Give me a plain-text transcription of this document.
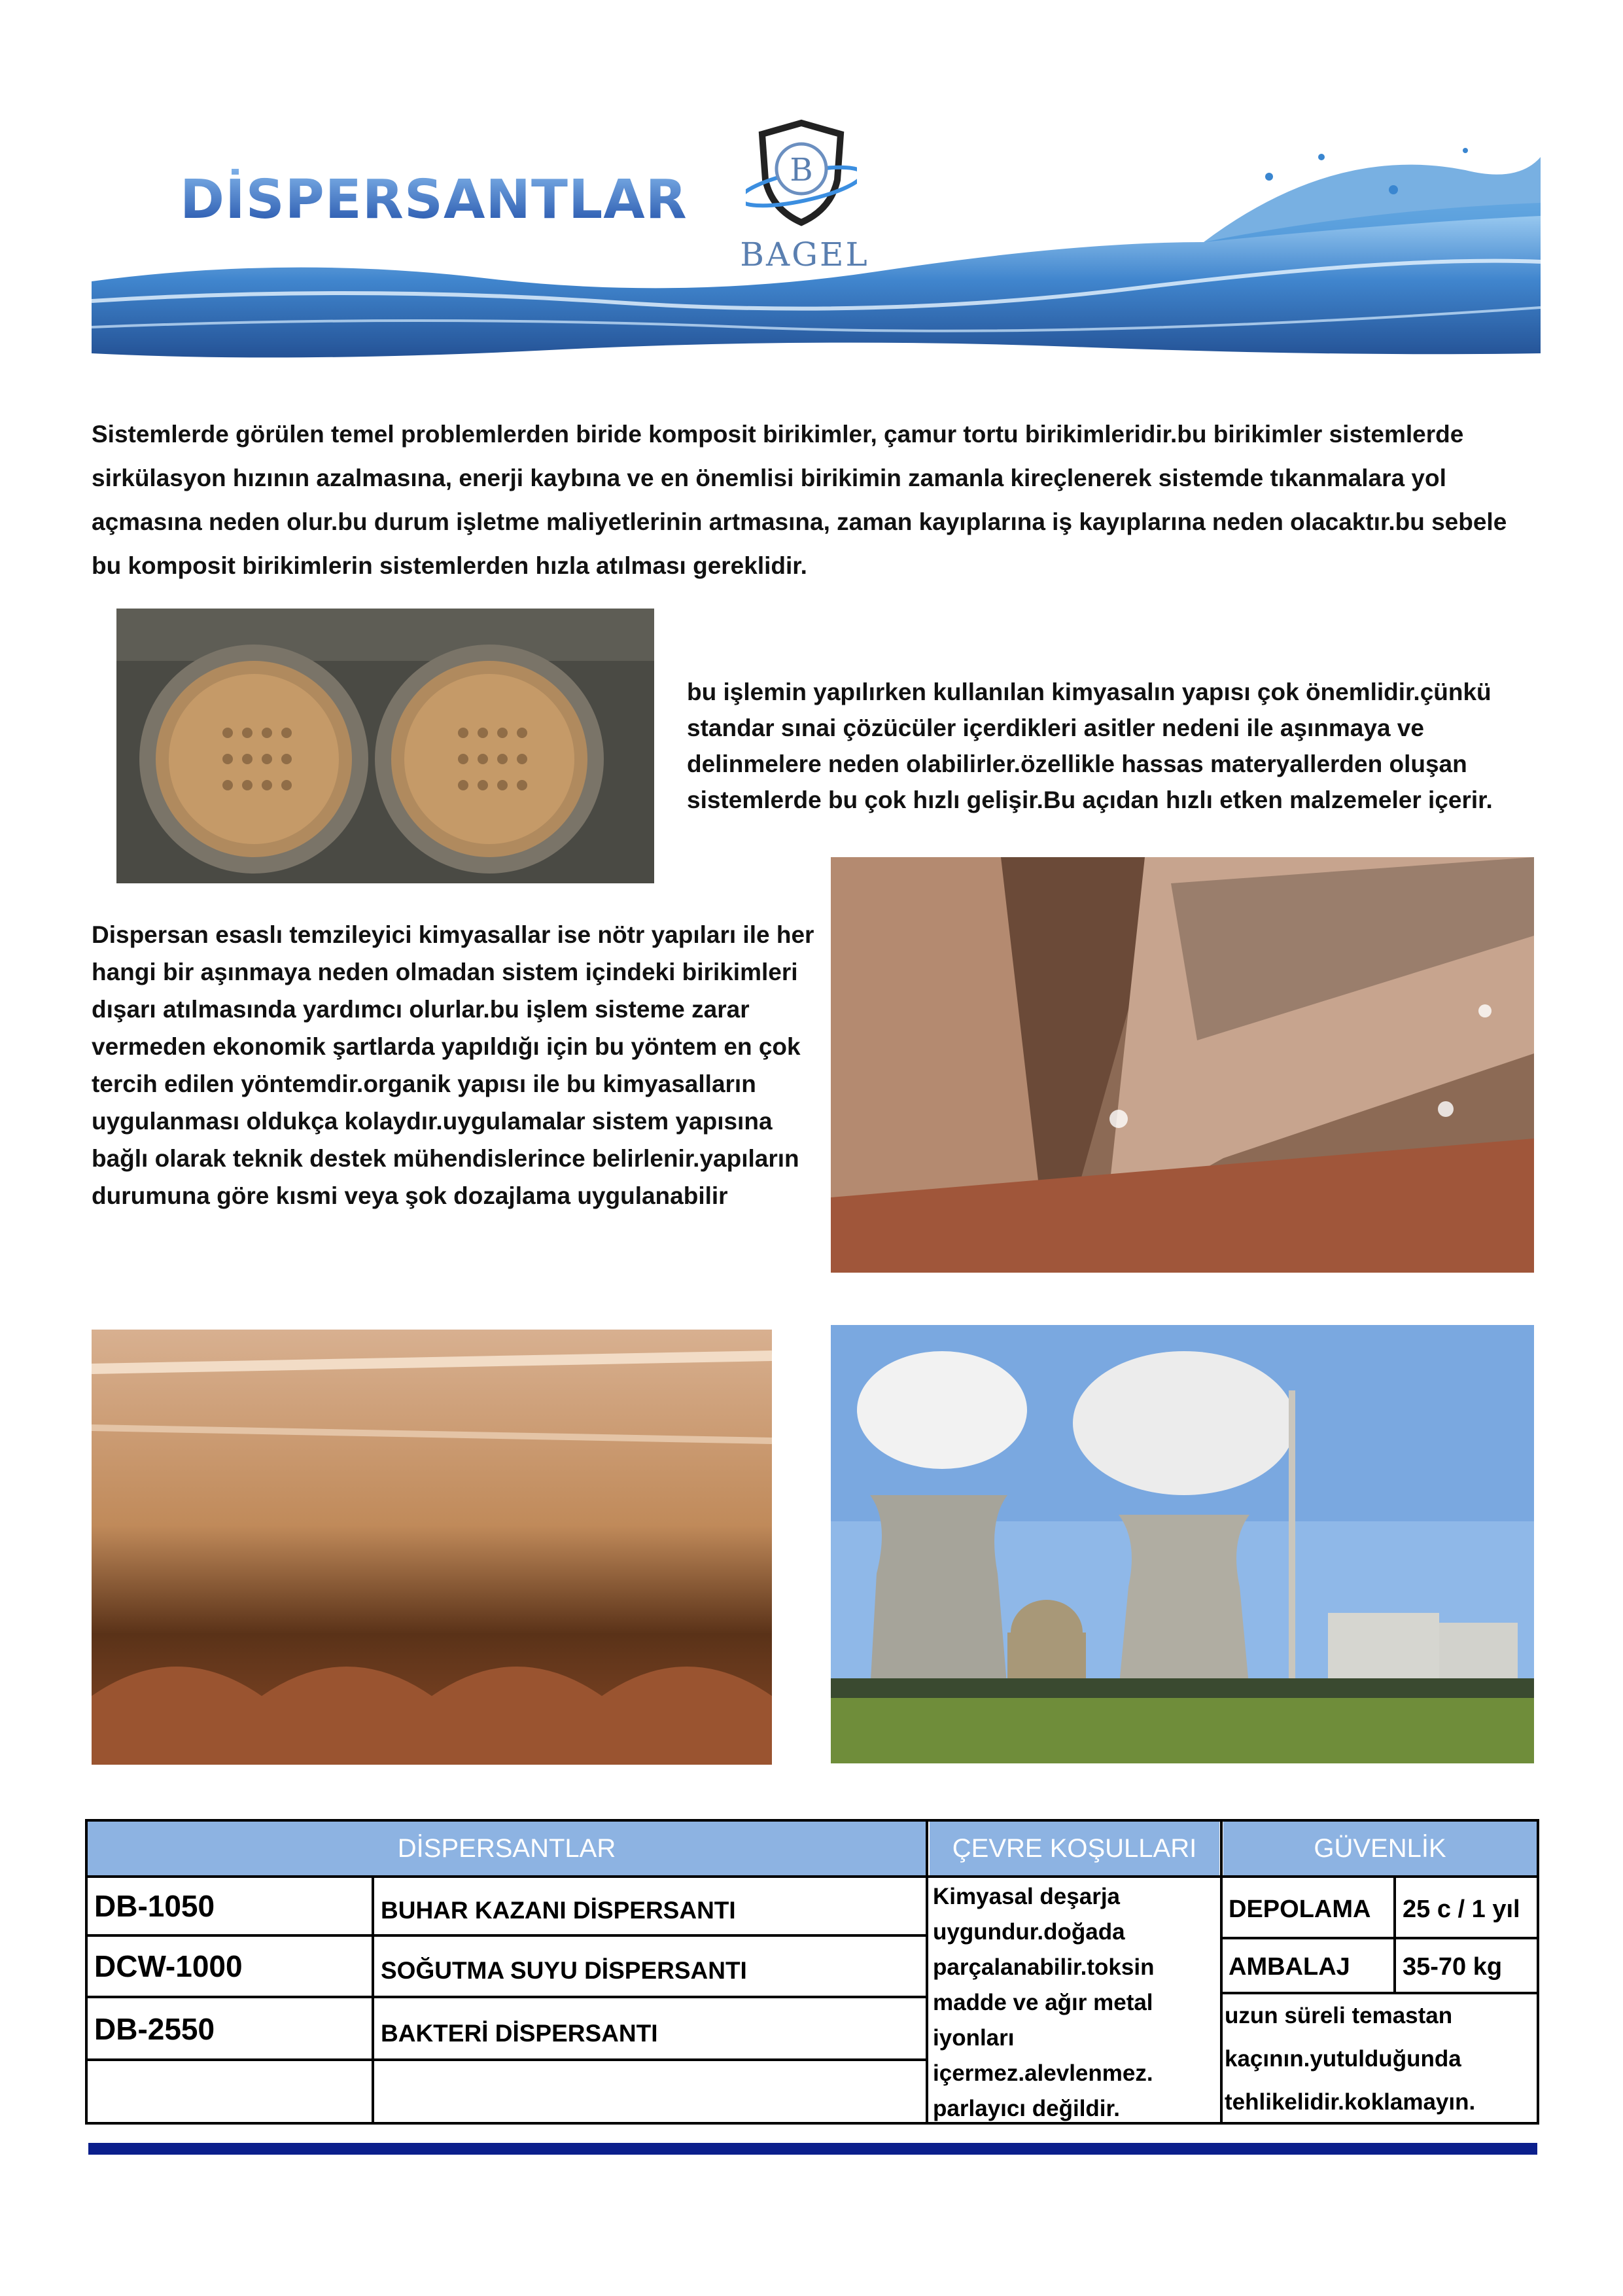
DİSPERSANTLAR	B
BAGEL
Sistemlerde görülen temel problemlerden biride komposit birikimler, çamur tortu birikimleridir.bu birikimler sistemlerde sirkülasyon hızının azalmasına, enerji kaybına ve en önemlisi birikimin zamanla kireçlenerek sistemde tıkanmalara yol açmasına neden olur.bu durum işletme maliyetlerinin artmasına, zaman kayıplarına iş kayıplarına neden olacaktır.bu sebele bu komposit birikimlerin sistemlerden hızla atılması gereklidir.
bu işlemin yapılırken kullanılan kimyasalın yapısı çok önemlidir.çünkü standar sınai çözücüler içerdikleri asitler nedeni ile aşınmaya ve delinmelere neden olabilirler.özellikle hassas materyallerden oluşan sistemlerde bu çok hızlı gelişir.Bu açıdan hızlı etken malzemeler içerir.
Dispersan esaslı temzileyici kimyasallar ise nötr yapıları ile her hangi bir aşınmaya neden olmadan sistem içindeki birikimleri dışarı atılmasında yardımcı olurlar.bu işlem sisteme zarar vermeden ekonomik şartlarda yapıldığı için bu yöntem en çok tercih edilen yöntemdir.organik yapısı ile bu kimyasalların uygulanması oldukça kolaydır.uygulamalar sistem yapısına bağlı olarak teknik destek mühendislerince belirlenir.yapıların durumuna göre kısmi veya şok dozajlama uygulanabilir
DİSPERSANTLAR	ÇEVRE KOŞULLARI	GÜVENLİK
DB-1050	BUHAR KAZANI DİSPERSANTI
DCW-1000	SOĞUTMA SUYU DİSPERSANTI
DB-2550	BAKTERİ DİSPERSANTI
Kimyasal deşarja uygundur.doğada parçalanabilir.toksin madde ve ağır metal iyonları içermez.alevlenmez. parlayıcı değildir.
DEPOLAMA	25 c / 1 yıl
AMBALAJ	35-70 kg
uzun süreli temastan kaçının.yutulduğunda tehlikelidir.koklamayın.
